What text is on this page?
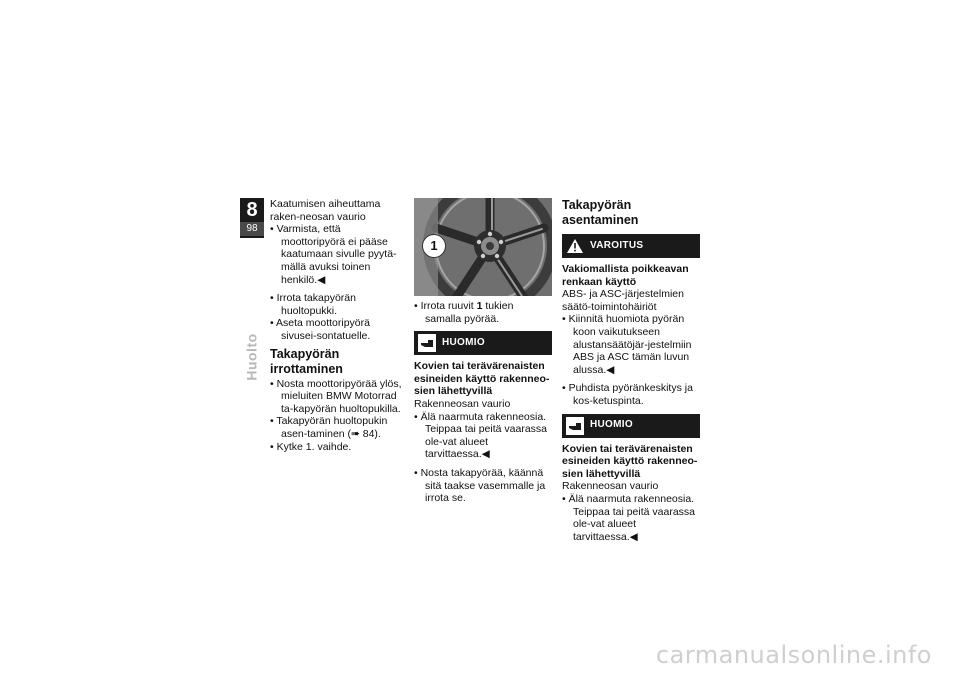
8
98
Huolto

Kaatumisen aiheuttama raken-neosan vaurio

• Varmista, että moottoripyörä ei pääse kaatumaan sivulle pyytä-mällä avuksi toinen henkilö.◀

• Irrota takapyörän huoltopukki.

• Aseta moottoripyörä sivusei-sontatuelle.

Takapyörän irrottaminen

• Nosta moottoripyörää ylös, mieluiten BMW Motorrad ta-kapyörän huoltopukilla.

• Takapyörän huoltopukin asen-taminen (➠ 84).

• Kytke 1. vaihde.

1

• Irrota ruuvit 1 tukien samalla pyörää.

HUOMIO

Kovien tai terävärenaisten esineiden käyttö rakenneo-sien lähettyvillä

Rakenneosan vaurio

• Älä naarmuta rakenneosia. Teippaa tai peitä vaarassa ole-vat alueet tarvittaessa.◀

• Nosta takapyörää, käännä sitä taakse vasemmalle ja irrota se.

Takapyörän asentaminen
VAROITUS

Vakiomallista poikkeavan renkaan käyttö

ABS- ja ASC-järjestelmien säätö-toimintohäiriöt

• Kiinnitä huomiota pyörän koon vaikutukseen alustansäätöjär-jestelmiin ABS ja ASC tämän luvun alussa.◀

• Puhdista pyöränkeskitys ja kos-ketuspinta.

HUOMIO

Kovien tai terävärenaisten esineiden käyttö rakenneo-sien lähettyvillä

Rakenneosan vaurio

• Älä naarmuta rakenneosia. Teippaa tai peitä vaarassa ole-vat alueet tarvittaessa.◀

carmanualsonline.info
